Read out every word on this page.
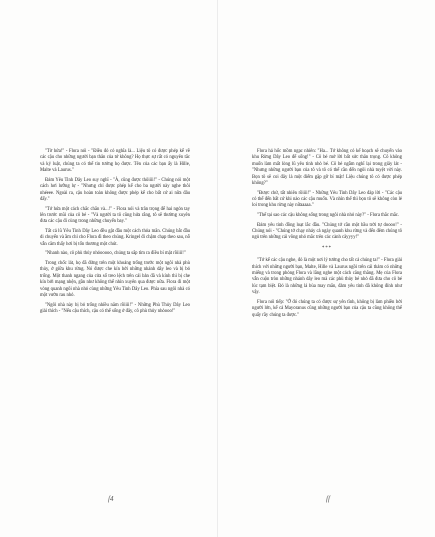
"Tờ hứa!" - Flora nói - "Điều đó có nghĩa là... Liệu tô có được phép kể về các cậu cho những người bạn thân của tớ không? Họ thực sự rất có nguyên tắc và kỷ luật, chúng ta có thể tin tưởng họ được. Tên của các bạn ấy là Hille, Malte và Laurus."

Đám Yêu Tinh Dây Leo suy nghĩ - "À, cũng được thôiiii!" - Chúng nói một cách hơi lưỡng lự - "Nhưng chỉ được phép kể cho ba người này nghe thôi nhéeee. Ngoài ra, cậu hoàn toàn không được phép kể cho bất cứ ai nữa đâu đấy."

"Tớ hứa một cách chắc chắn và...!" - Flora nói và trân trọng để hai ngón tay lên trước mũi của cô bé - "Và người ta tô cũng hứa rằng, tô sẽ thường xuyên đưa các cậu đi cùng trong những chuyến bay."

Tất cả lũ Yêu Tinh Dây Leo đều gật đầu một cách thỏa mãn. Chúng bắt đầu di chuyển và ầm chỉ cho Flora đi theo chúng. Kringel đi chậm chạp theo sau, nỗ vẫn căm thấy hơi bị tổn thương một chút.

"Nhanh nào, cô phù thủy nhỏooooo, chúng ta sắp tìm ra điều bí mật rồiiii!"

Trong chốc lát, họ đã đứng trên một khoảng trống trước một ngôi nhà phù thủy, ở giữa khu rừng. Nó được che kín bởi những nhánh dây leo và bị bỏ trống. Một thanh ngang của cửa sổ treo lệch trên cái bản đã và kính thì bị che kín bởi mạng nhện, gần như không thể nhìn xuyên qua được nữa. Flora đi một vòng quanh ngôi nhà nhỏ cùng những Yêu Tinh Dây Leo. Phía sau ngôi nhà có một vườn rau nhỏ.

"Ngôi nhà này bị bỏ trống nhiều năm rồiiii!" - Những Phù Thủy Dây Leo giải thích - "Nếu cậu thích, cậu có thể sống ở đây, cô phù thủy nhỏooo!"

ſ4

Flora hả hốc mồm ngạc nhiên: "Ha... Tớ không có kế hoạch sẽ chuyển vào khu Rừng Dây Leo để sống!" - Cô bé mở lời bất sức thân trọng. Cô không muốn làm mất lòng lũ yêu tinh nhỏ bé. Cô bé ngẫm nghĩ lại trong giây lát - "Nhưng những người bạn của tô và tô có thể cần đến ngôi nhà tuyệt vời này. Bọn tô sẽ coi đây là một điểm gặp gỡ bí mật! Liệu chúng tô có được phép không?"

"Được chứ, tất nhiên rồiiii!" - Những Yêu Tinh Dây Leo đáp lời - "Các cậu có thể đến bất cứ khi nào các cậu muốn. Và nhìn thể thì bọn tô sẽ không còn lẻ loi trong khu rừng này nữaaaaa."

"Thế tại sao các cậu không sống trong ngôi nhà nhỏ này?" - Flora thắc mắc.

Đám yêu tinh đồng loạt lắc đầu. "Chúng tớ cần một bầu trời tự doooo!" - Chúng nói - "Chúng tớ chạy nhảy cả ngày quanh khu rừng và đến đêm chúng tô ngủ trên những cái võng nhỏ mắc trên các cành câyyyy!"

***

"Tớ kể các cậu nghe, đó là một nơi lý tưởng cho tất cả chúng ta!" - Flora giải thích với những người bạn, Malte, Hille và Laurus ngồi trên cái thảm có những miếng và trong phòng Flora và lắng nghe một cách căng thẳng. Mẹ của Flora vẫn cuộn tròn những nhánh dây leo mà các phù thủy bé nhỏ đã đưa cho cô bé lúc tạm biệt. Đó là những lá bùa may mắn, đảm yêu tinh đã không đính như vậy.

Flora nói tiếp: "Ở đó chúng ta có được sự yên tĩnh, không bị làm phiền bởi người lớn, kể cả Mayoranus cũng những người bạn của cậu ta cũng không thể quấy rầy chúng ta được."

ſſ
